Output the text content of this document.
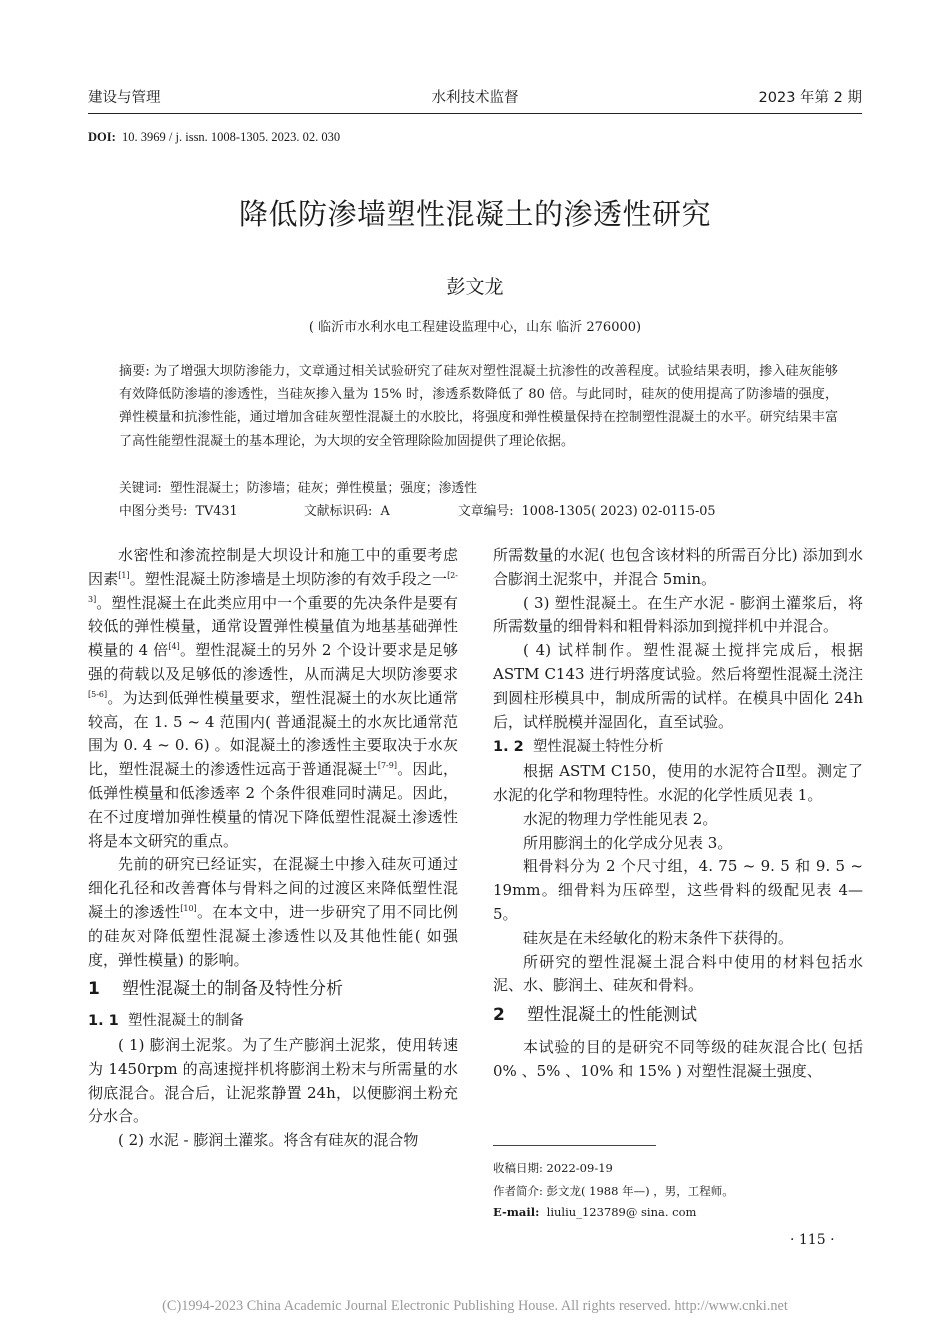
建设与管理	水利技术监督	2023 年第 2 期
DOI: 10. 3969 / j. issn. 1008-1305. 2023. 02. 030
降低防渗墙塑性混凝土的渗透性研究
彭文龙
( 临沂市水利水电工程建设监理中心，山东 临沂 276000)
摘要: 为了增强大坝防渗能力，文章通过相关试验研究了硅灰对塑性混凝土抗渗性的改善程度。试验结果表明，掺入硅灰能够有效降低防渗墙的渗透性，当硅灰掺入量为 15% 时，渗透系数降低了 80 倍。与此同时，硅灰的使用提高了防渗墙的强度，弹性模量和抗渗性能，通过增加含硅灰塑性混凝土的水胶比，将强度和弹性模量保持在控制塑性混凝土的水平。研究结果丰富了高性能塑性混凝土的基本理论，为大坝的安全管理除险加固提供了理论依据。
关键词: 塑性混凝土；防渗墙；硅灰；弹性模量；强度；渗透性
中图分类号: TV431	文献标识码: A	文章编号: 1008-1305( 2023) 02-0115-05

水密性和渗流控制是大坝设计和施工中的重要考虑因素[1]。塑性混凝土防渗墙是土坝防渗的有效手段之一[2-3]。塑性混凝土在此类应用中一个重要的先决条件是要有较低的弹性模量，通常设置弹性模量值为地基基础弹性模量的 4 倍[4]。塑性混凝土的另外 2 个设计要求是足够强的荷载以及足够低的渗透性，从而满足大坝防渗要求[5-6]。为达到低弹性模量要求，塑性混凝土的水灰比通常较高，在 1. 5 ~ 4 范围内( 普通混凝土的水灰比通常范围为 0. 4 ~ 0. 6) 。如混凝土的渗透性主要取决于水灰比，塑性混凝土的渗透性远高于普通混凝土[7-9]。因此，低弹性模量和低渗透率 2 个条件很难同时满足。因此，在不过度增加弹性模量的情况下降低塑性混凝土渗透性将是本文研究的重点。

先前的研究已经证实，在混凝土中掺入硅灰可通过细化孔径和改善膏体与骨料之间的过渡区来降低塑性混凝土的渗透性[10]。在本文中，进一步研究了用不同比例的硅灰对降低塑性混凝土渗透性以及其他性能( 如强度，弹性模量) 的影响。

1 塑性混凝土的制备及特性分析
1. 1 塑性混凝土的制备

( 1) 膨润土泥浆。为了生产膨润土泥浆，使用转速为 1450rpm 的高速搅拌机将膨润土粉末与所需量的水彻底混合。混合后，让泥浆静置 24h，以便膨润土粉充分水合。

( 2) 水泥 - 膨润土灌浆。将含有硅灰的混合物

所需数量的水泥( 也包含该材料的所需百分比) 添加到水合膨润土泥浆中，并混合 5min。

( 3) 塑性混凝土。在生产水泥 - 膨润土灌浆后，将所需数量的细骨料和粗骨料添加到搅拌机中并混合。

( 4) 试样制作。塑性混凝土搅拌完成后，根据 ASTM C143 进行坍落度试验。然后将塑性混凝土浇注到圆柱形模具中，制成所需的试样。在模具中固化 24h 后，试样脱模并湿固化，直至试验。

1. 2 塑性混凝土特性分析

根据 ASTM C150，使用的水泥符合Ⅱ型。测定了水泥的化学和物理特性。水泥的化学性质见表 1。

水泥的物理力学性能见表 2。

所用膨润土的化学成分见表 3。

粗骨料分为 2 个尺寸组，4. 75 ~ 9. 5 和 9. 5 ~ 19mm。细骨料为压碎型，这些骨料的级配见表 4—5。

硅灰是在未经敏化的粉末条件下获得的。

所研究的塑性混凝土混合料中使用的材料包括水泥、水、膨润土、硅灰和骨料。

2 塑性混凝土的性能测试

本试验的目的是研究不同等级的硅灰混合比( 包括 0% 、5% 、10% 和 15% ) 对塑性混凝土强度、

收稿日期: 2022-09-19
作者简介: 彭文龙( 1988 年—) ，男，工程师。
E-mail: liuliu_123789@ sina. com
· 115 ·
(C)1994-2023 China Academic Journal Electronic Publishing House. All rights reserved. http://www.cnki.net
